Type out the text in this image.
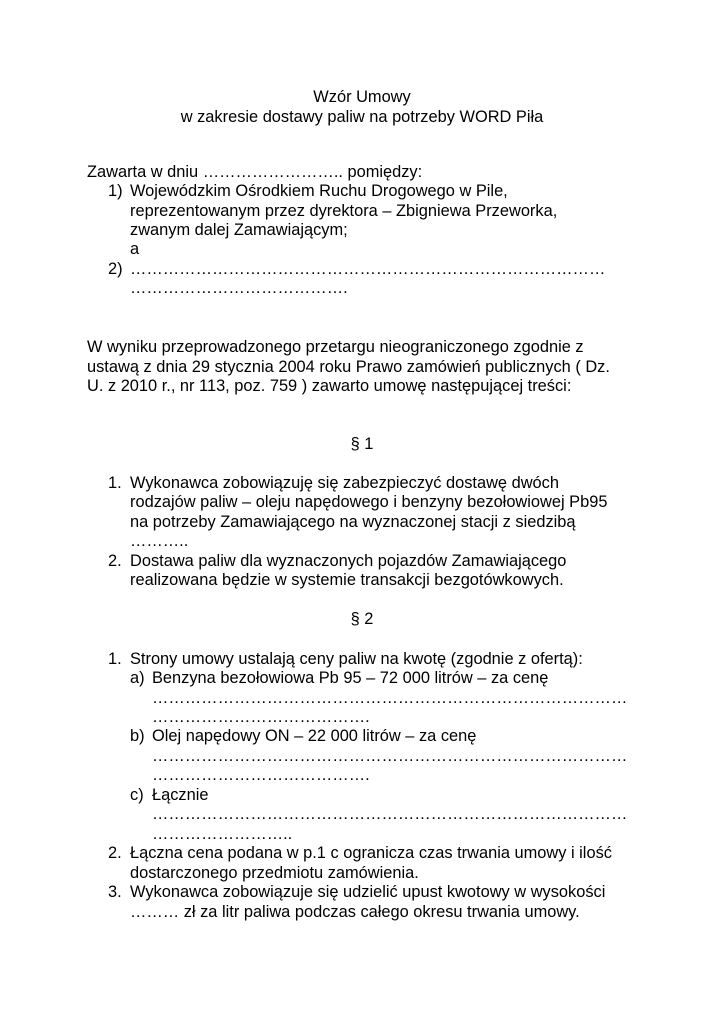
Wzór Umowy
w zakresie dostawy paliw na potrzeby WORD Piła
Zawarta w dniu …………………….. pomiędzy:
1) Wojewódzkim Ośrodkiem Ruchu Drogowego w Pile,
reprezentowanym przez dyrektora – Zbigniewa Przeworka,
zwanym dalej Zamawiającym;
a
2) ……………………………………………………………………………
………………………………….
W wyniku przeprowadzonego przetargu nieograniczonego zgodnie z
ustawą z dnia 29 stycznia 2004 roku Prawo zamówień publicznych ( Dz.
U. z 2010 r., nr 113, poz. 759 ) zawarto umowę następującej treści:
§ 1
1. Wykonawca zobowiązuję się zabezpieczyć dostawę dwóch
rodzajów paliw – oleju napędowego i benzyny bezołowiowej Pb95
na potrzeby Zamawiającego na wyznaczonej stacji z siedzibą
………..
2. Dostawa paliw dla wyznaczonych pojazdów Zamawiającego
realizowana będzie w systemie transakcji bezgotówkowych.
§ 2
1. Strony umowy ustalają ceny paliw na kwotę (zgodnie z ofertą):
a) Benzyna bezołowiowa Pb 95 – 72 000 litrów – za cenę
……………………………………………………………………………
………………………………….
b) Olej napędowy ON – 22 000 litrów – za cenę
……………………………………………………………………………
………………………………….
c) Łącznie
……………………………………………………………………………
……………………..
2. Łączna cena podana w p.1 c ogranicza czas trwania umowy i ilość
dostarczonego przedmiotu zamówienia.
3. Wykonawca zobowiązuje się udzielić upust kwotowy w wysokości
……… zł za litr paliwa podczas całego okresu trwania umowy.
